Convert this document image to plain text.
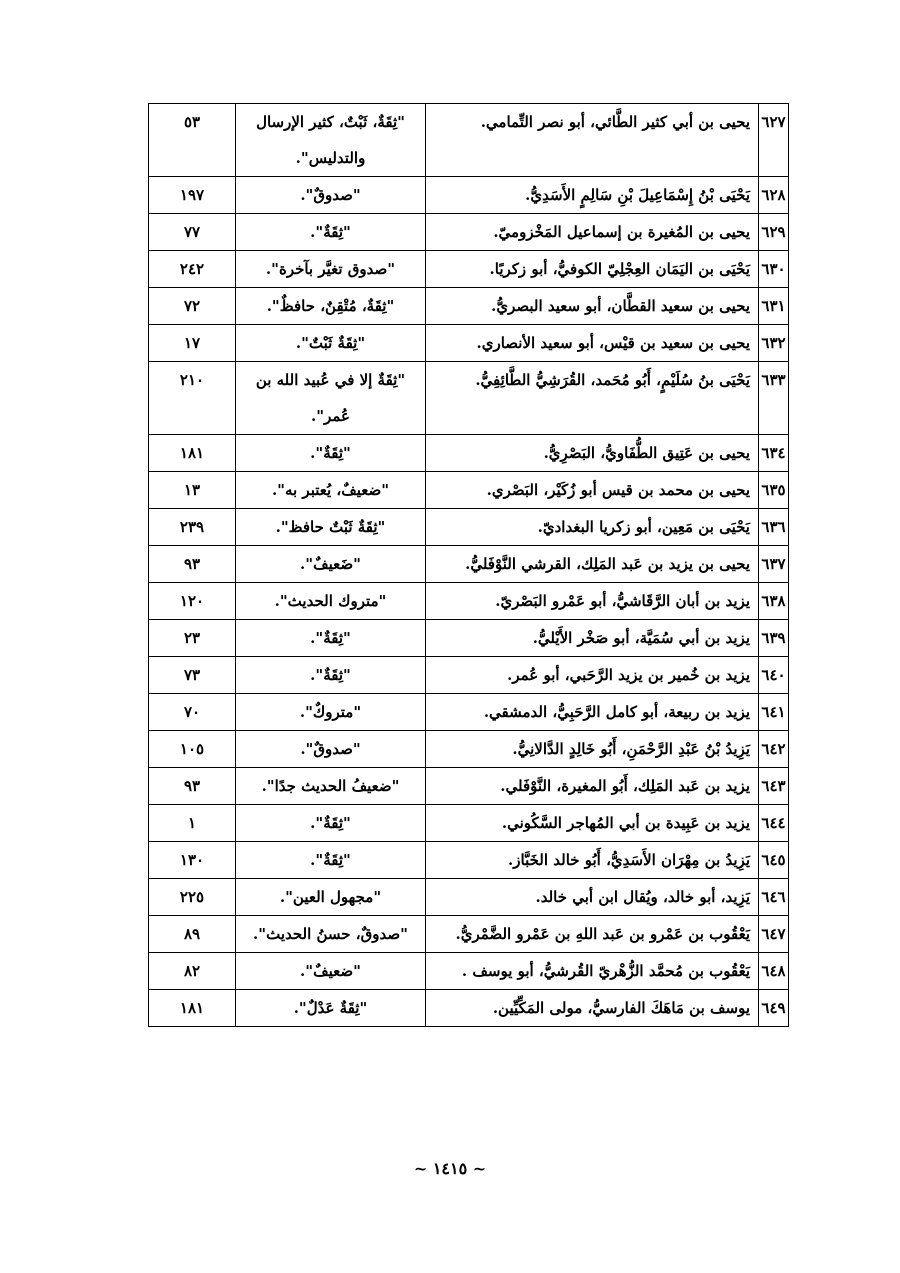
٦٢٧	يحيى بن أبي كثير الطَّائي، أبو نصر التِّمامي.	"ثِقَةٌ، ثَبْتٌ، كثير الإرسال والتدليس".	٥٣
٦٢٨	يَحْيَى بْنُ إِسْمَاعِيلَ بْنِ سَالِمٍ الأَسَدِيُّ.	"صدوقٌ".	١٩٧
٦٢٩	يحيى بن المُغيرة بن إسماعيل المَخْزوميّ.	"ثِقَةٌ".	٧٧
٦٣٠	يَحْيَى بن اليَمَان العِجْلِيّ الكوفيُّ، أبو زكريًا.	"صدوق تغيَّر بآخرة".	٢٤٢
٦٣١	يحيى بن سعيد القطَّان، أبو سعيد البصريُّ.	"ثِقَةٌ، مُتْقِنٌ، حافظٌ".	٧٢
٦٣٢	يحيى بن سعيد بن قيْس، أبو سعيد الأنصاري.	"ثِقَةٌ ثَبْتٌ".	١٧
٦٣٣	يَحْيَى بنُ سُلَيْمٍ، أَبُو مُحَمد، القُرَشِيُّ الطَّائِفِيُّ.	"ثِقَةٌ إلا في عُبيد الله بن عُمر".	٢١٠
٦٣٤	يحيى بن عَتِيق الطُّفَاويُّ، البَصْرِيُّ.	"ثِقَةٌ".	١٨١
٦٣٥	يحيى بن محمد بن قيس أبو زُكَيْر، البَصْري.	"ضعيفٌ، يُعتبر به".	١٣
٦٣٦	يَحْيَى بن مَعِين، أبو زكريا البغداديّ.	"ثِقَةٌ ثَبْتٌ حافظ".	٢٣٩
٦٣٧	يحيى بن يزيد بن عَبد المَلِك، القرشي النَّوْفَليُّ.	"ضَعيفٌ".	٩٣
٦٣٨	يزيد بن أبان الرَّقَاشيُّ، أبو عَمْرو البَصْريّ.	"متروك الحديث".	١٢٠
٦٣٩	يزيد بن أبي سُمَيَّة، أبو صَخْر الأَيْليُّ.	"ثِقَةٌ".	٢٣
٦٤٠	يزيد بن خُمير بن يزيد الرَّحَبي، أبو عُمر.	"ثِقَةٌ".	٧٣
٦٤١	يزيد بن ربيعة، أبو كامل الرَّحَبِيُّ، الدمشقي.	"متروكٌ".	٧٠
٦٤٢	يَزِيدُ بْنُ عَبْدِ الرَّحْمَنِ، أَبُو خَالِدٍ الدَّالانِيُّ.	"صدوقٌ".	١٠٥
٦٤٣	يزيد بن عَبد المَلِك، أَبُو المغيرة، النَّوْفَلي.	"ضعيفُ الحديث جدًا".	٩٣
٦٤٤	يزيد بن عَبِيدة بن أبي المُهاجر السَّكُوني.	"ثِقَةٌ".	١
٦٤٥	يَزِيدُ بن مِهْرَان الأَسَدِيُّ، أَبُو خالد الخَبَّاز.	"ثِقَةٌ".	١٣٠
٦٤٦	يَزِيد، أبو خالد، ويُقال ابن أبي خالد.	"مجهول العين".	٢٢٥
٦٤٧	يَعْقُوب بن عَمْرو بن عَبد اللهِ بن عَمْرو الضَّمْريُّ.	"صدوقٌ، حسنُ الحديث".	٨٩
٦٤٨	يَعْقُوب بن مُحمَّد الزُّهْريّ القُرشيُّ، أبو يوسف .	"ضعيفٌ".	٨٢
٦٤٩	يوسف بن مَاهَكَ الفارسيُّ، مولى المَكِّيِّين.	"ثِقَةٌ عَدْلٌ".	١٨١
~ ١٤١٥ ~
